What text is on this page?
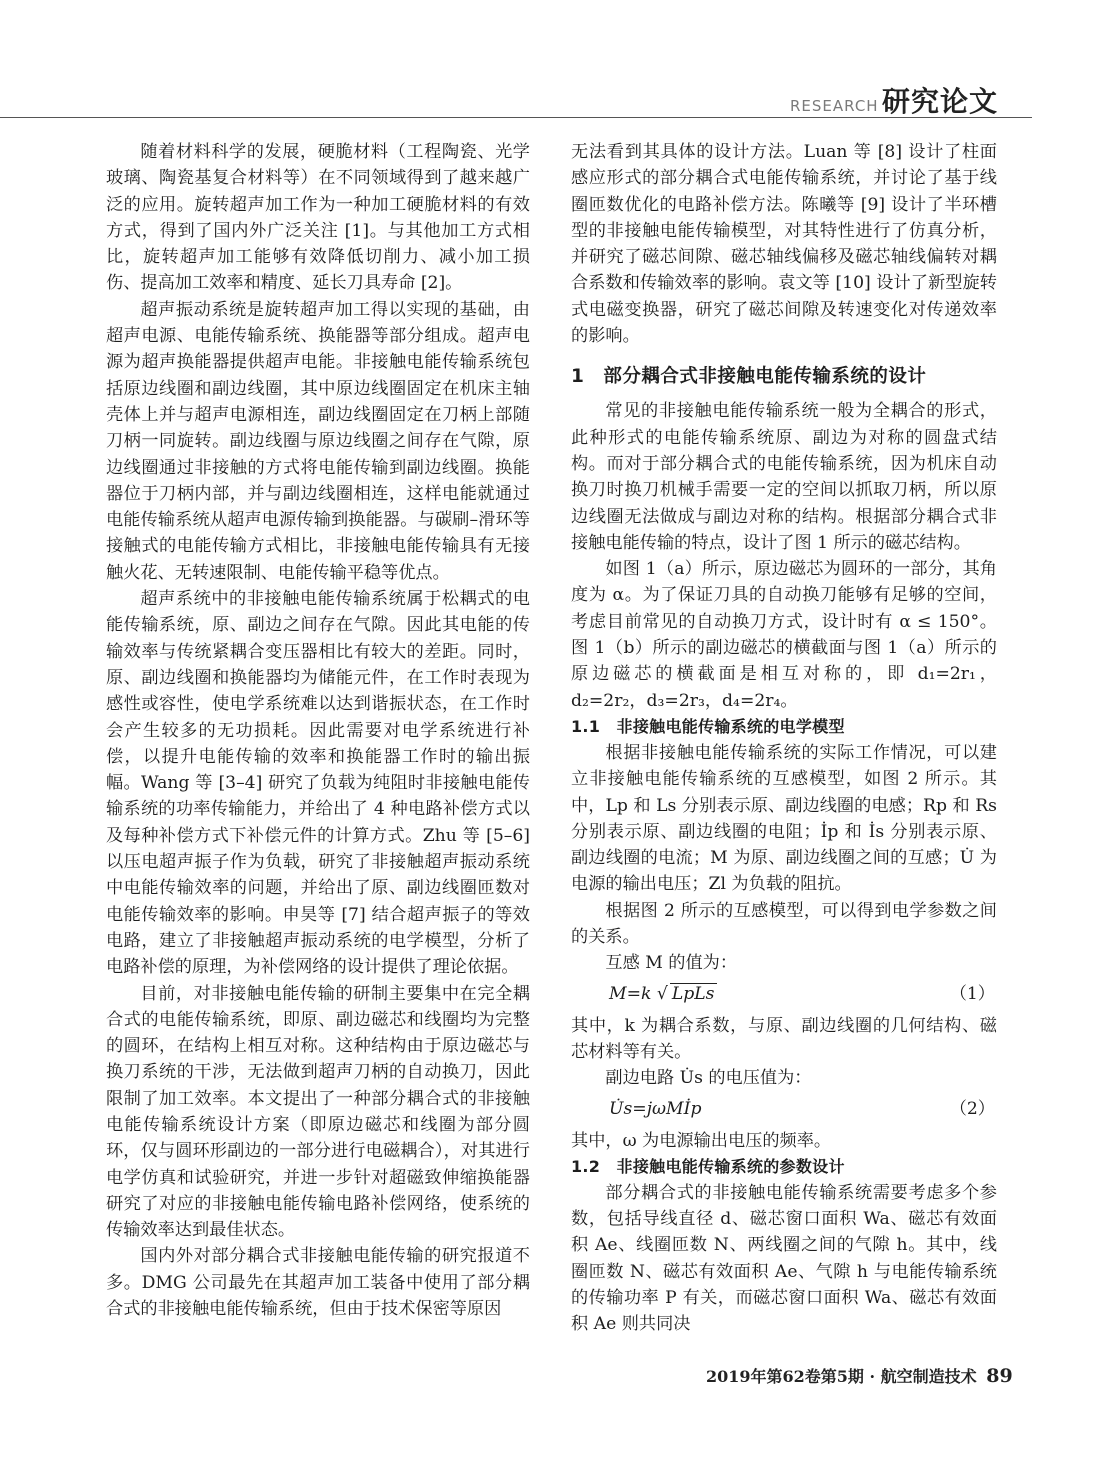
RESEARCH 研究论文

随着材料科学的发展，硬脆材料（工程陶瓷、光学玻璃、陶瓷基复合材料等）在不同领域得到了越来越广泛的应用。旋转超声加工作为一种加工硬脆材料的有效方式，得到了国内外广泛关注 [1]。与其他加工方式相比，旋转超声加工能够有效降低切削力、减小加工损伤、提高加工效率和精度、延长刀具寿命 [2]。

超声振动系统是旋转超声加工得以实现的基础，由超声电源、电能传输系统、换能器等部分组成。超声电源为超声换能器提供超声电能。非接触电能传输系统包括原边线圈和副边线圈，其中原边线圈固定在机床主轴壳体上并与超声电源相连，副边线圈固定在刀柄上部随刀柄一同旋转。副边线圈与原边线圈之间存在气隙，原边线圈通过非接触的方式将电能传输到副边线圈。换能器位于刀柄内部，并与副边线圈相连，这样电能就通过电能传输系统从超声电源传输到换能器。与碳刷–滑环等接触式的电能传输方式相比，非接触电能传输具有无接触火花、无转速限制、电能传输平稳等优点。

超声系统中的非接触电能传输系统属于松耦式的电能传输系统，原、副边之间存在气隙。因此其电能的传输效率与传统紧耦合变压器相比有较大的差距。同时，原、副边线圈和换能器均为储能元件，在工作时表现为感性或容性，使电学系统难以达到谐振状态，在工作时会产生较多的无功损耗。因此需要对电学系统进行补偿，以提升电能传输的效率和换能器工作时的输出振幅。Wang 等 [3–4] 研究了负载为纯阻时非接触电能传输系统的功率传输能力，并给出了 4 种电路补偿方式以及每种补偿方式下补偿元件的计算方式。Zhu 等 [5–6] 以压电超声振子作为负载，研究了非接触超声振动系统中电能传输效率的问题，并给出了原、副边线圈匝数对电能传输效率的影响。申昊等 [7] 结合超声振子的等效电路，建立了非接触超声振动系统的电学模型，分析了电路补偿的原理，为补偿网络的设计提供了理论依据。

目前，对非接触电能传输的研制主要集中在完全耦合式的电能传输系统，即原、副边磁芯和线圈均为完整的圆环，在结构上相互对称。这种结构由于原边磁芯与换刀系统的干涉，无法做到超声刀柄的自动换刀，因此限制了加工效率。本文提出了一种部分耦合式的非接触电能传输系统设计方案（即原边磁芯和线圈为部分圆环，仅与圆环形副边的一部分进行电磁耦合），对其进行电学仿真和试验研究，并进一步针对超磁致伸缩换能器研究了对应的非接触电能传输电路补偿网络，使系统的传输效率达到最佳状态。

国内外对部分耦合式非接触电能传输的研究报道不多。DMG 公司最先在其超声加工装备中使用了部分耦合式的非接触电能传输系统，但由于技术保密等原因

无法看到其具体的设计方法。Luan 等 [8] 设计了柱面感应形式的部分耦合式电能传输系统，并讨论了基于线圈匝数优化的电路补偿方法。陈曦等 [9] 设计了半环槽型的非接触电能传输模型，对其特性进行了仿真分析，并研究了磁芯间隙、磁芯轴线偏移及磁芯轴线偏转对耦合系数和传输效率的影响。袁文等 [10] 设计了新型旋转式电磁变换器，研究了磁芯间隙及转速变化对传递效率的影响。

1　部分耦合式非接触电能传输系统的设计

常见的非接触电能传输系统一般为全耦合的形式，此种形式的电能传输系统原、副边为对称的圆盘式结构。而对于部分耦合式的电能传输系统，因为机床自动换刀时换刀机械手需要一定的空间以抓取刀柄，所以原边线圈无法做成与副边对称的结构。根据部分耦合式非接触电能传输的特点，设计了图 1 所示的磁芯结构。

如图 1（a）所示，原边磁芯为圆环的一部分，其角度为 α。为了保证刀具的自动换刀能够有足够的空间，考虑目前常见的自动换刀方式，设计时有 α ≤ 150°。图 1（b）所示的副边磁芯的横截面与图 1（a）所示的原边磁芯的横截面是相互对称的，即 d₁=2r₁，d₂=2r₂，d₃=2r₃，d₄=2r₄。

1.1　非接触电能传输系统的电学模型

根据非接触电能传输系统的实际工作情况，可以建立非接触电能传输系统的互感模型，如图 2 所示。其中，Lp 和 Ls 分别表示原、副边线圈的电感；Rp 和 Rs 分别表示原、副边线圈的电阻；İp 和 İs 分别表示原、副边线圈的电流；M 为原、副边线圈之间的互感；U̇ 为电源的输出电压；Zl 为负载的阻抗。

根据图 2 所示的互感模型，可以得到电学参数之间的关系。

互感 M 的值为：

M=k √ LpLs	（1）

其中，k 为耦合系数，与原、副边线圈的几何结构、磁芯材料等有关。

副边电路 U̇s 的电压值为：

U̇s=jωMİp	（2）

其中，ω 为电源输出电压的频率。

1.2　非接触电能传输系统的参数设计

部分耦合式的非接触电能传输系统需要考虑多个参数，包括导线直径 d、磁芯窗口面积 Wa、磁芯有效面积 Ae、线圈匝数 N、两线圈之间的气隙 h。其中，线圈匝数 N、磁芯有效面积 Ae、气隙 h 与电能传输系统的传输功率 P 有关，而磁芯窗口面积 Wa、磁芯有效面积 Ae 则共同决

2019年第62卷第5期 · 航空制造技术 89
